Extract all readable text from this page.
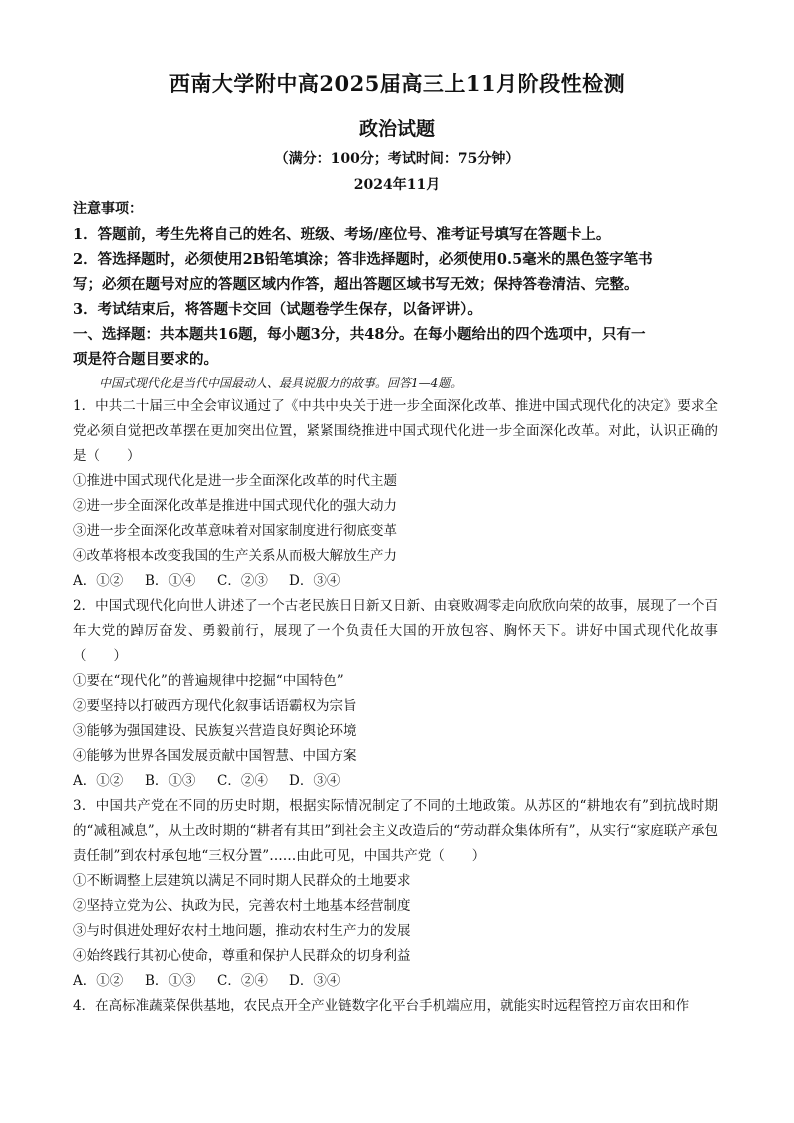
西南大学附中高2025届高三上11月阶段性检测
政治试题
（满分：100分；考试时间：75分钟）
2024年11月
注意事项：
1．答题前，考生先将自己的姓名、班级、考场/座位号、准考证号填写在答题卡上。
2．答选择题时，必须使用2B铅笔填涂；答非选择题时，必须使用0.5毫米的黑色签字笔书
写；必须在题号对应的答题区域内作答，超出答题区域书写无效；保持答卷清洁、完整。
3．考试结束后，将答题卡交回（试题卷学生保存，以备评讲）。
一、选择题：共本题共16题，每小题3分，共48分。在每小题给出的四个选项中，只有一
项是符合题目要求的。
中国式现代化是当代中国最动人、最具说服力的故事。回答1—4题。
1．中共二十届三中全会审议通过了《中共中央关于进一步全面深化改革、推进中国式现代化的决定》要求全党必须自觉把改革摆在更加突出位置，紧紧围绕推进中国式现代化进一步全面深化改革。对此，认识正确的是（　　）
①推进中国式现代化是进一步全面深化改革的时代主题
②进一步全面深化改革是推进中国式现代化的强大动力
③进一步全面深化改革意味着对国家制度进行彻底变革
④改革将根本改变我国的生产关系从而极大解放生产力
A．①② B．①④ C．②③ D．③④
2．中国式现代化向世人讲述了一个古老民族日日新又日新、由衰败凋零走向欣欣向荣的故事，展现了一个百年大党的踔厉奋发、勇毅前行，展现了一个负责任大国的开放包容、胸怀天下。讲好中国式现代化故事（　　）
①要在“现代化”的普遍规律中挖掘“中国特色”
②要坚持以打破西方现代化叙事话语霸权为宗旨
③能够为强国建设、民族复兴营造良好舆论环境
④能够为世界各国发展贡献中国智慧、中国方案
A．①② B．①③ C．②④ D．③④
3．中国共产党在不同的历史时期，根据实际情况制定了不同的土地政策。从苏区的“耕地农有”到抗战时期的“减租减息”，从土改时期的“耕者有其田”到社会主义改造后的“劳动群众集体所有”，从实行“家庭联产承包责任制”到农村承包地“三权分置”……由此可见，中国共产党（　　）
①不断调整上层建筑以满足不同时期人民群众的土地要求
②坚持立党为公、执政为民，完善农村土地基本经营制度
③与时俱进处理好农村土地问题，推动农村生产力的发展
④始终践行其初心使命，尊重和保护人民群众的切身利益
A．①② B．①③ C．②④ D．③④
4．在高标准蔬菜保供基地，农民点开全产业链数字化平台手机端应用，就能实时远程管控万亩农田和作
